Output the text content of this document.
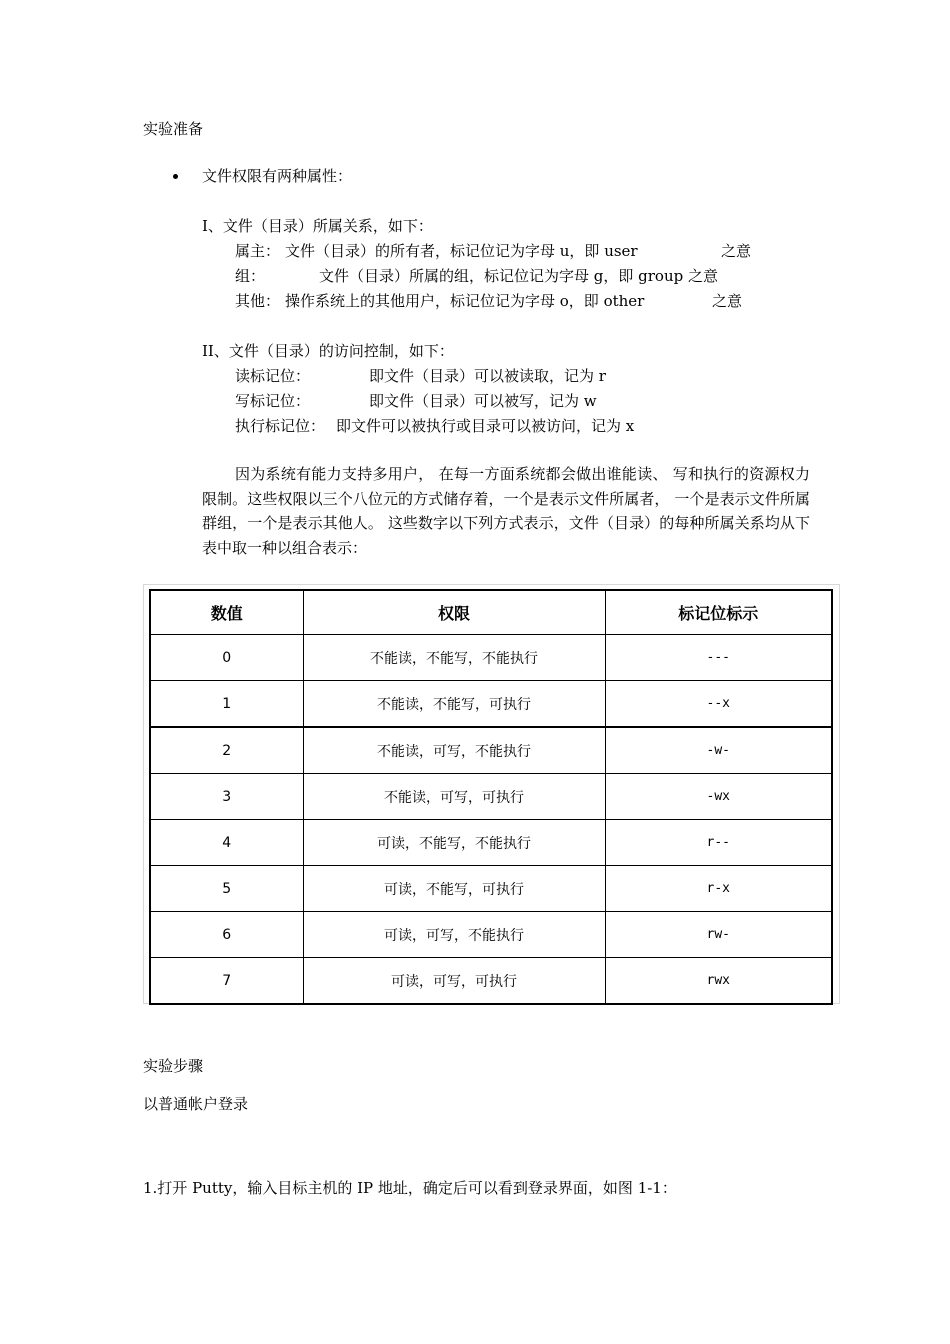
实验准备
文件权限有两种属性：
I、文件（目录）所属关系，如下：
属主： 文件（目录）的所有者，标记位记为字母 u，即 user	之意
组：	文件（目录）所属的组，标记位记为字母 g，即 group 之意
其他： 操作系统上的其他用户，标记位记为字母 o，即 other	之意
II、文件（目录）的访问控制，如下：
读标记位：	即文件（目录）可以被读取，记为 r
写标记位：	即文件（目录）可以被写，记为 w
执行标记位： 即文件可以被执行或目录可以被访问，记为 x
因为系统有能力支持多用户， 在每一方面系统都会做出谁能读、 写和执行的资源权力限制。这些权限以三个八位元的方式储存着，一个是表示文件所属者， 一个是表示文件所属群组，一个是表示其他人。 这些数字以下列方式表示，文件（目录）的每种所属关系均从下表中取一种以组合表示：
数值	权限	标记位标示
0	不能读，不能写，不能执行	---
1	不能读，不能写，可执行	--x
2	不能读，可写，不能执行	-w-
3	不能读，可写，可执行	-wx
4	可读，不能写，不能执行	r--
5	可读，不能写，可执行	r-x
6	可读，可写，不能执行	rw-
7	可读，可写，可执行	rwx
实验步骤
以普通帐户登录
1.打开 Putty，输入目标主机的 IP 地址，确定后可以看到登录界面，如图 1-1：
